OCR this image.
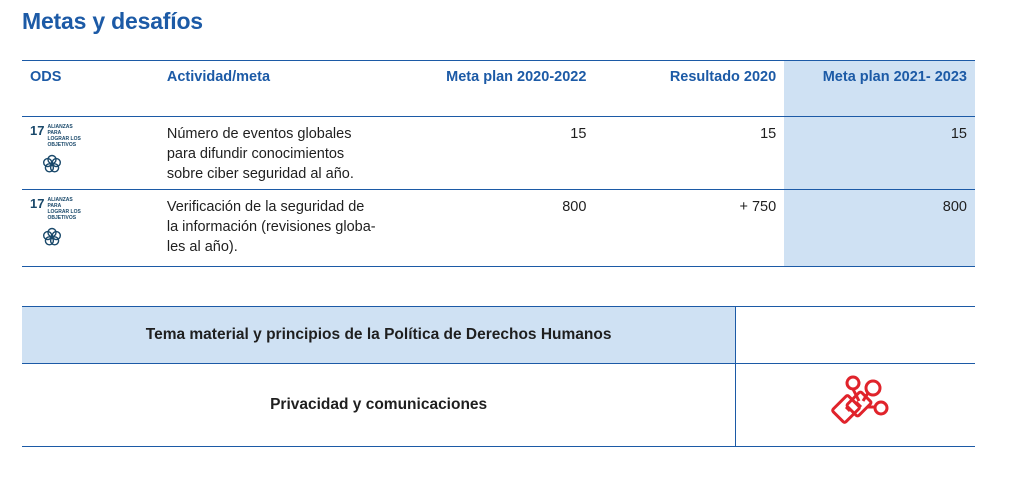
Metas y desafíos
ODS	Actividad/meta	Meta plan 2020-2022	Resultado 2020	Meta plan 2021- 2023
17 ALIANZAS PARA LOGRAR LOS OBJETIVOS
Número de eventos globales
para difundir conocimientos
sobre ciber seguridad al año.
15	15	15
17 ALIANZAS PARA LOGRAR LOS OBJETIVOS
Verificación de la seguridad de
la información (revisiones globa-
les al año).
800	+ 750	800
Tema material y principios de la Política de Derechos Humanos
Privacidad y comunicaciones
